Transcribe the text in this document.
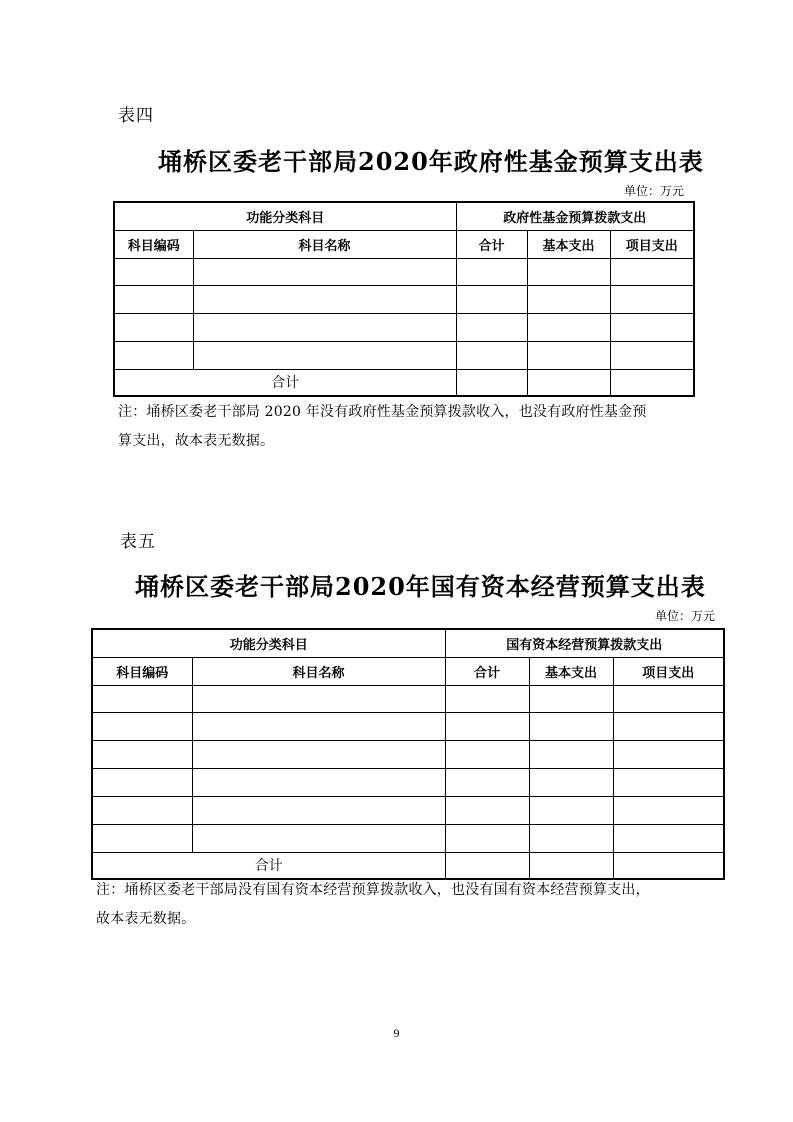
表四
埇桥区委老干部局2020年政府性基金预算支出表
单位：万元
功能分类科目		政府性基金预算拨款支出		
科目编码	科目名称	合计	基本支出	项目支出

合计				
注：埇桥区委老干部局 2020 年没有政府性基金预算拨款收入，也没有政府性基金预
算支出，故本表无数据。
表五
埇桥区委老干部局2020年国有资本经营预算支出表
单位：万元
功能分类科目		国有资本经营预算拨款支出		
科目编码	科目名称	合计	基本支出	项目支出

合计				
注：埇桥区委老干部局没有国有资本经营预算拨款收入，也没有国有资本经营预算支出，
故本表无数据。
9
